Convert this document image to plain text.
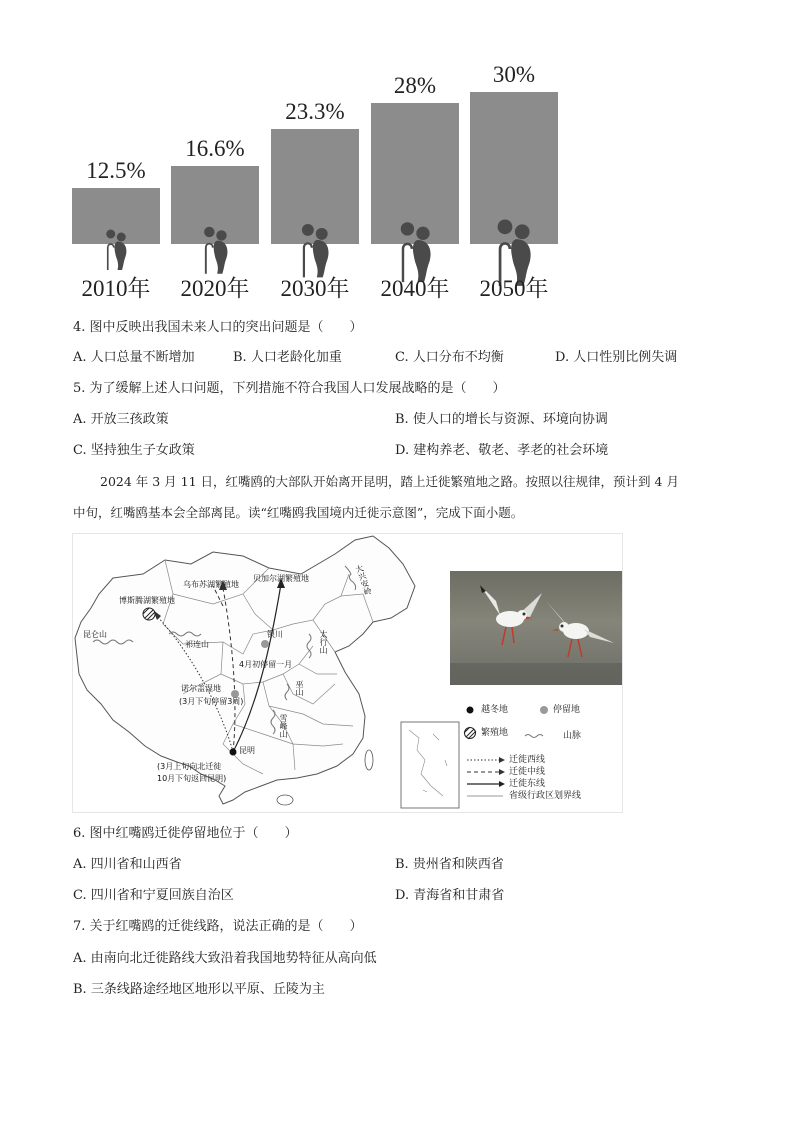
12.5%
2010年
16.6%
2020年
23.3%
2030年
28%
2040年
30%
2050年
4. 图中反映出我国未来人口的突出问题是（　　）
A. 人口总量不断增加	B. 人口老龄化加重	C. 人口分布不均衡	D. 人口性别比例失调
5. 为了缓解上述人口问题，下列措施不符合我国人口发展战略的是（　　）
A. 开放三孩政策	B. 使人口的增长与资源、环境向协调
C. 坚持独生子女政策	D. 建构养老、敬老、孝老的社会环境
2024 年 3 月 11 日，红嘴鸥的大部队开始离开昆明，踏上迁徙繁殖地之路。按照以往规律，预计到 4 月
中旬，红嘴鸥基本会全部离昆。读“红嘴鸥我国境内迁徙示意图”，完成下面小题。
乌布苏湖繁殖地
贝加尔湖繁殖地
博斯腾湖繁殖地
大兴安岭
昆仑山
祁连山
银川
4月初停留一月
太行山
诺尔盖湿地
(3月下旬停留3周)
巫山
雪峰山
昆明
(3月上旬向北迁徙
10月下旬返回昆明)
越冬地	停留地
繁殖地	山脉
迁徙西线
迁徙中线
迁徙东线
省级行政区划界线
6. 图中红嘴鸥迁徙停留地位于（　　）
A. 四川省和山西省	B. 贵州省和陕西省
C. 四川省和宁夏回族自治区	D. 青海省和甘肃省
7. 关于红嘴鸥的迁徙线路，说法正确的是（　　）
A. 由南向北迁徙路线大致沿着我国地势特征从高向低
B. 三条线路途经地区地形以平原、丘陵为主
